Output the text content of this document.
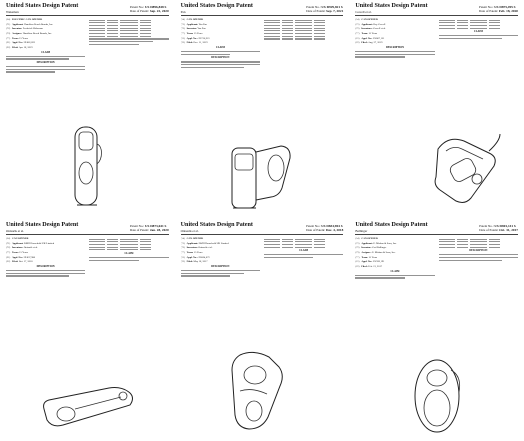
United States Design Patent
Wakeman
Patent No.: US D896,848 S
Date of Patent: Sep. 22, 2020
(54) ELECTRIC CAN OPENER
(71) Applicant: Hamilton Beach Brands, Inc.
(72) Inventor: Frederick Wakeman
(73) Assignee: Hamilton Beach Brands, Inc.
(**) Term: 15 Years
(21) Appl. No.: 29/681,823
(22) Filed: Apr. 18, 2019
CLAIM
DESCRIPTION
United States Design Patent
Pan
Patent No.: US D929,821 S
Date of Patent: Sep. 7, 2021
(54) CAN OPENER
(71) Applicant: Yan Pan
(72) Inventor: Yan Pan
(**) Term: 15 Years
(21) Appl. No.: 29/716,321
(22) Filed: Dec. 11, 2019
CLAIM
DESCRIPTION
United States Design Patent
Cowell et al.
Patent No.: US D875,495 S
Date of Patent: Feb. 18, 2020
(54) CAN OPENER
(71) Applicant: Roy Cowell
(72) Inventors: Cowell et al.
(**) Term: 15 Years
(21) Appl. No.: 29/667,151
(22) Filed: Aug. 27, 2019
DESCRIPTION
CLAIM
United States Design Patent
Onisarik et al.
Patent No.: US D873,641 S
Date of Patent: Jan. 28, 2020
(54) CAN OPENER
(71) Applicant: DMH Household UK Limited
(72) Inventors: Onisarik et al.
(**) Term: 15 Years
(21) Appl. No.: 29/637,986
(22) Filed: Oct. 17, 2018
DESCRIPTION
CLAIM
United States Design Patent
Onisarik et al.
Patent No.: US D834,904 S
Date of Patent: Dec. 4, 2018
(54) CAN OPENER
(71) Applicant: DMH Household UK Limited
(72) Inventors: Onisarik et al.
(**) Term: 15 Years
(21) Appl. No.: 29/604,072
(22) Filed: May 18, 2017
DESCRIPTION
CLAIM
United States Design Patent
Ballinger
Patent No.: US D801,141 S
Date of Patent: Oct. 31, 2017
(54) CAN OPENER
(71) Applicant: E. Mishan & Sons, Inc.
(72) Inventor: Carl Ballinger
(73) Assignee: E. Mishan & Sons, Inc.
(**) Term: 15 Years
(21) Appl. No.: 29/590,191
(22) Filed: Feb. 21, 2017
CLAIM
DESCRIPTION
